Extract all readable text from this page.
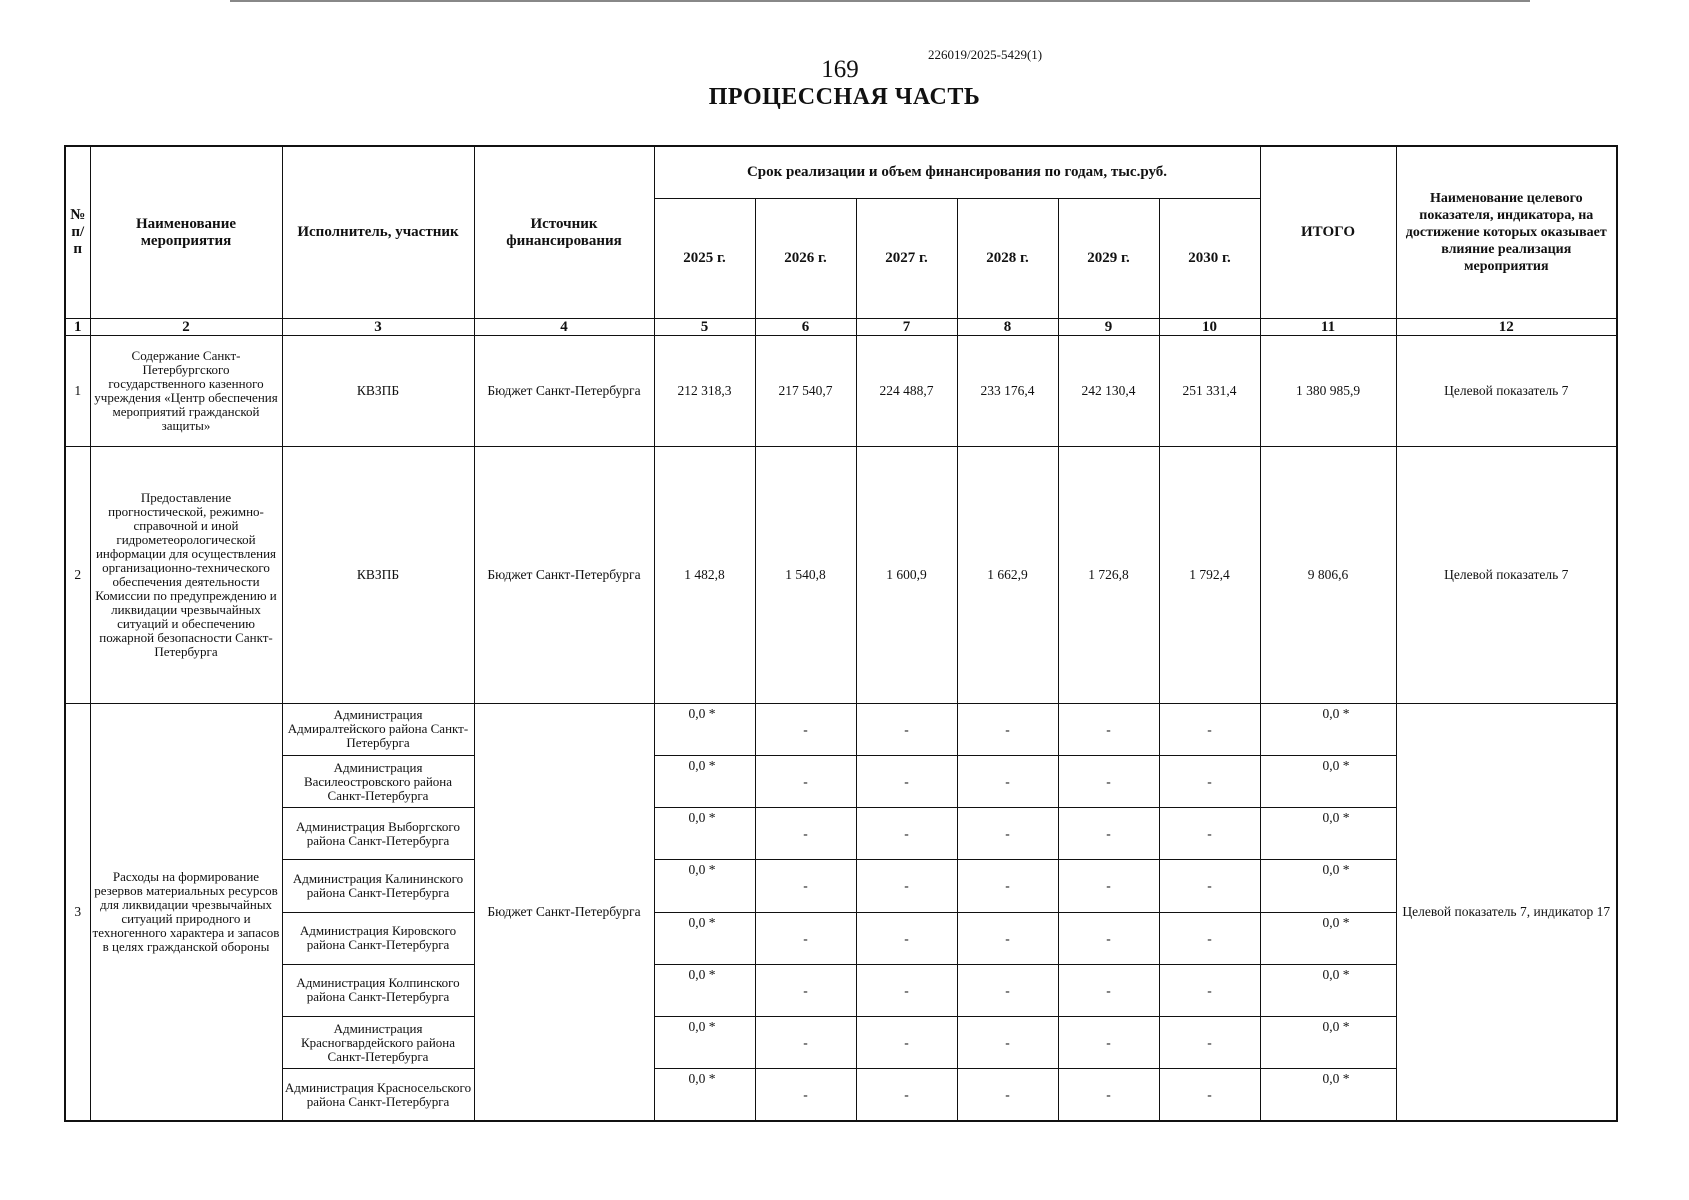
226019/2025-5429(1)
169
ПРОЦЕССНАЯ ЧАСТЬ
№ п/п	Наименование мероприятия	Исполнитель, участник	Источник финансирования	Срок реализации и объем финансирования по годам, тыс.руб.						ИТОГО	Наименование целевого показателя, индикатора, на достижение которых оказывает влияние реализация мероприятия
				2025 г.	2026 г.	2027 г.	2028 г.	2029 г.	2030 г.		
1	2	3	4	5	6	7	8	9	10	11	12
1	Содержание Санкт-Петербургского государственного казенного учреждения «Центр обеспечения мероприятий гражданской защиты»	КВЗПБ	Бюджет Санкт-Петербурга	212 318,3	217 540,7	224 488,7	233 176,4	242 130,4	251 331,4	1 380 985,9	Целевой показатель 7
2	Предоставление прогностической, режимно-справочной и иной гидрометеорологической информации для осуществления организационно-технического обеспечения деятельности Комиссии по предупреждению и ликвидации чрезвычайных ситуаций и обеспечению пожарной безопасности Санкт-Петербурга	КВЗПБ	Бюджет Санкт-Петербурга	1 482,8	1 540,8	1 600,9	1 662,9	1 726,8	1 792,4	9 806,6	Целевой показатель 7
3	Расходы на формирование резервов материальных ресурсов для ликвидации чрезвычайных ситуаций природного и техногенного характера и запасов в целях гражданской обороны	Администрация Адмиралтейского района Санкт-Петербурга	Бюджет Санкт-Петербурга	0,0 *	-	-	-	-	-	0,0 *	Целевой показатель 7, индикатор 17
		Администрация Василеостровского района Санкт-Петербурга		0,0 *	-	-	-	-	-	0,0 *	
		Администрация Выборгского района Санкт-Петербурга		0,0 *	-	-	-	-	-	0,0 *	
		Администрация Калининского района Санкт-Петербурга		0,0 *	-	-	-	-	-	0,0 *	
		Администрация Кировского района Санкт-Петербурга		0,0 *	-	-	-	-	-	0,0 *	
		Администрация Колпинского района Санкт-Петербурга		0,0 *	-	-	-	-	-	0,0 *	
		Администрация Красногвардейского района Санкт-Петербурга		0,0 *	-	-	-	-	-	0,0 *	
		Администрация Красносельского района Санкт-Петербурга		0,0 *	-	-	-	-	-	0,0 *	
